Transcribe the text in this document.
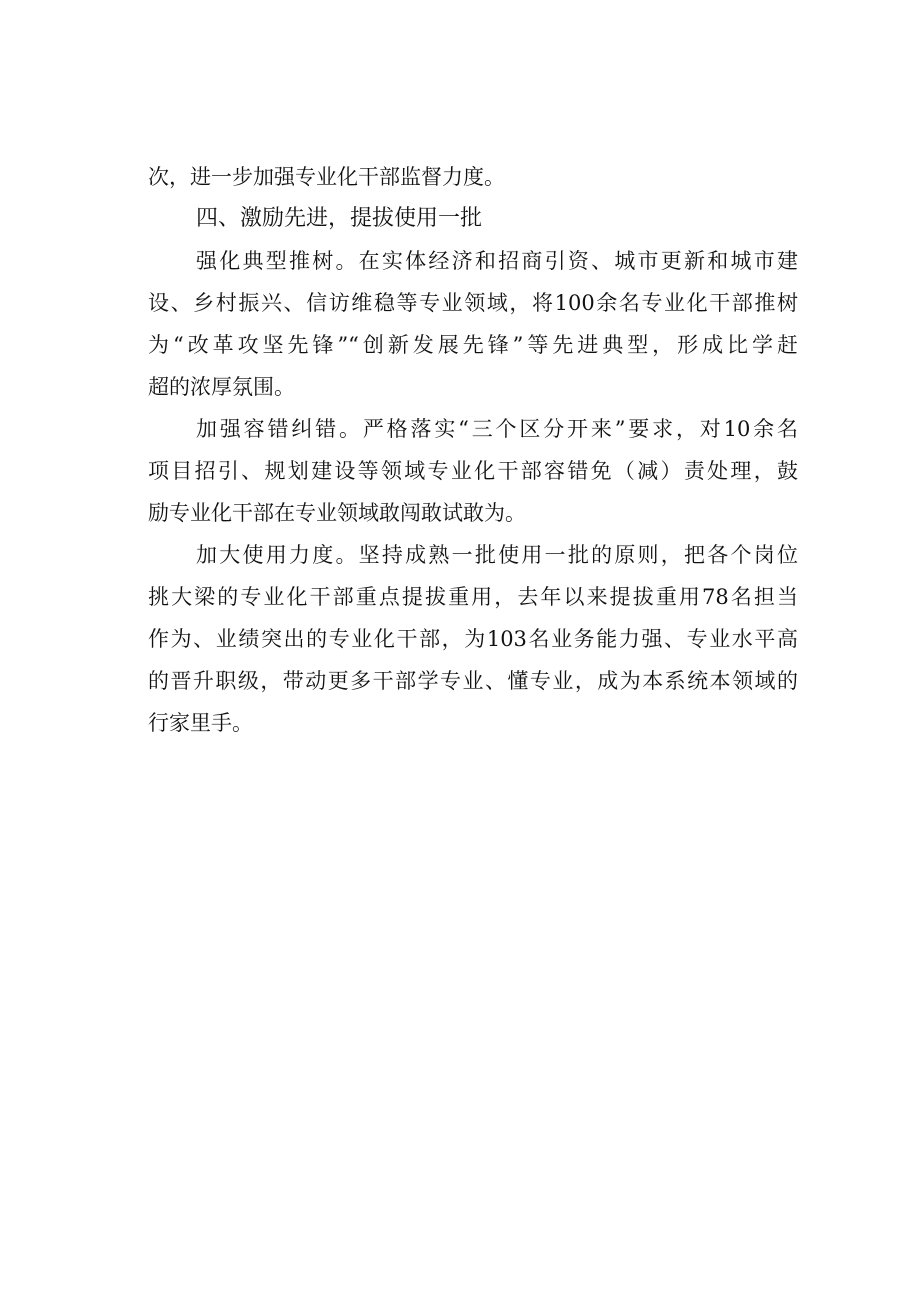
次，进一步加强专业化干部监督力度。
四、激励先进，提拔使用一批
强化典型推树。在实体经济和招商引资、城市更新和城市建
设、乡村振兴、信访维稳等专业领域，将100余名专业化干部推树
为“改革攻坚先锋”“创新发展先锋”等先进典型，形成比学赶
超的浓厚氛围。
加强容错纠错。严格落实“三个区分开来”要求，对10余名
项目招引、规划建设等领域专业化干部容错免（减）责处理，鼓
励专业化干部在专业领域敢闯敢试敢为。
加大使用力度。坚持成熟一批使用一批的原则，把各个岗位
挑大梁的专业化干部重点提拔重用，去年以来提拔重用78名担当
作为、业绩突出的专业化干部，为103名业务能力强、专业水平高
的晋升职级，带动更多干部学专业、懂专业，成为本系统本领域的
行家里手。
